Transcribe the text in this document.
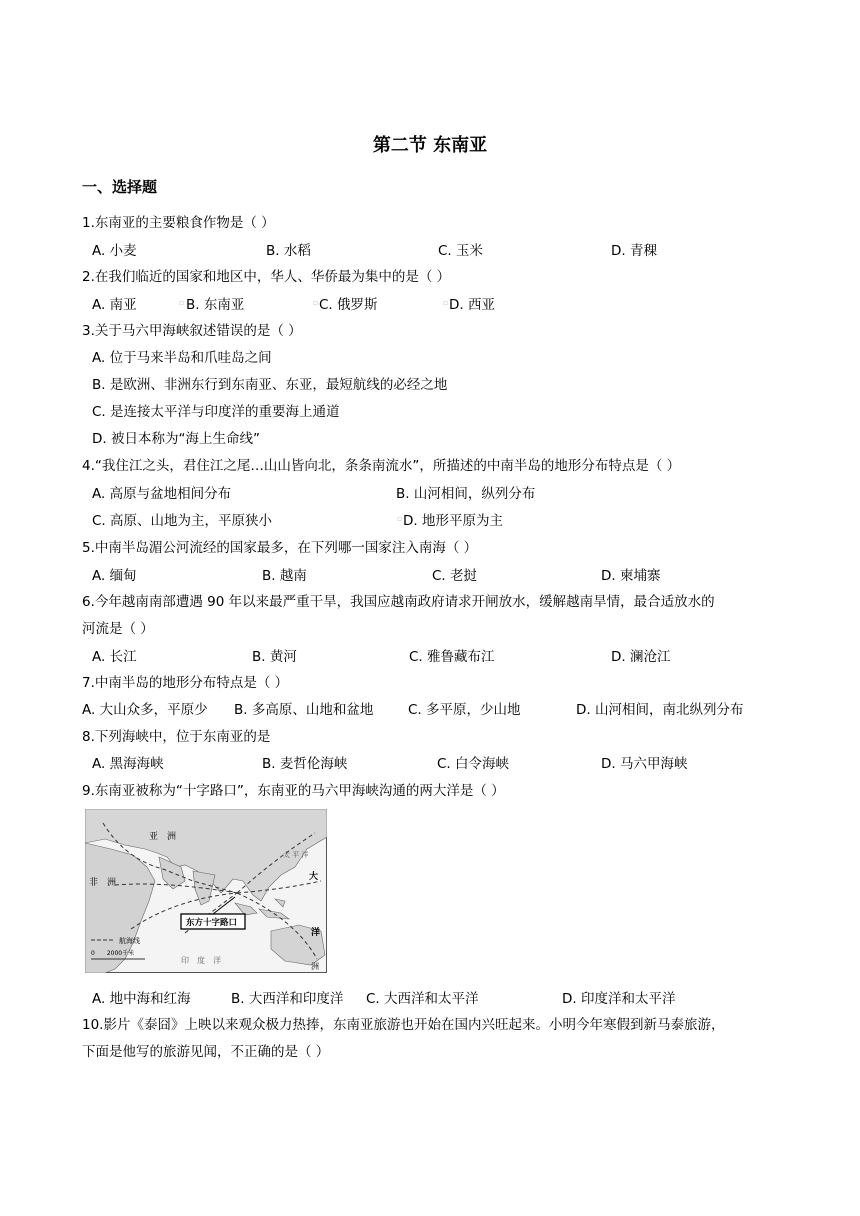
第二节 东南亚
一、选择题
1.东南亚的主要粮食作物是（ ）
A. 小麦	B. 水稻	C. 玉米	D. 青稞
2.在我们临近的国家和地区中，华人、华侨最为集中的是（ ）
A. 南亚	▫ B. 东南亚	▫ C. 俄罗斯	▫ D. 西亚
3.关于马六甲海峡叙述错误的是（ ）
A. 位于马来半岛和爪哇岛之间
B. 是欧洲、非洲东行到东南亚、东亚，最短航线的必经之地
C. 是连接太平洋与印度洋的重要海上通道
D. 被日本称为“海上生命线”
4.“我住江之头，君住江之尾…山山皆向北，条条南流水”，所描述的中南半岛的地形分布特点是（ ）
A. 高原与盆地相间分布	B. 山河相间，纵列分布
C. 高原、山地为主，平原狭小	▫ D. 地形平原为主
5.中南半岛湄公河流经的国家最多，在下列哪一国家注入南海（ ）
A. 缅甸	B. 越南	C. 老挝	D. 柬埔寨
6.今年越南南部遭遇 90 年以来最严重干旱，我国应越南政府请求开闸放水，缓解越南旱情，最合适放水的
河流是（ ）
A. 长江	B. 黄河	C. 雅鲁藏布江	D. 澜沧江
7.中南半岛的地形分布特点是（ ）
A. 大山众多，平原少 B. 多高原、山地和盆地	C. 多平原，少山地	D. 山河相间，南北纵列分布
8.下列海峡中，位于东南亚的是
A. 黑海海峡	B. 麦哲伦海峡	C. 白令海峡	D. 马六甲海峡
9.东南亚被称为“十字路口”，东南亚的马六甲海峡沟通的两大洋是（ ）
亚　洲
非　洲
太 平 洋
大
洋
洲
印　度　洋
东方十字路口
航海线
0　　2000千米
A. 地中海和红海	B. 大西洋和印度洋 C. 大西洋和太平洋	D. 印度洋和太平洋
10.影片《泰囧》上映以来观众极力热捧，东南亚旅游也开始在国内兴旺起来。小明今年寒假到新马泰旅游，
下面是他写的旅游见闻，不正确的是（ ）
